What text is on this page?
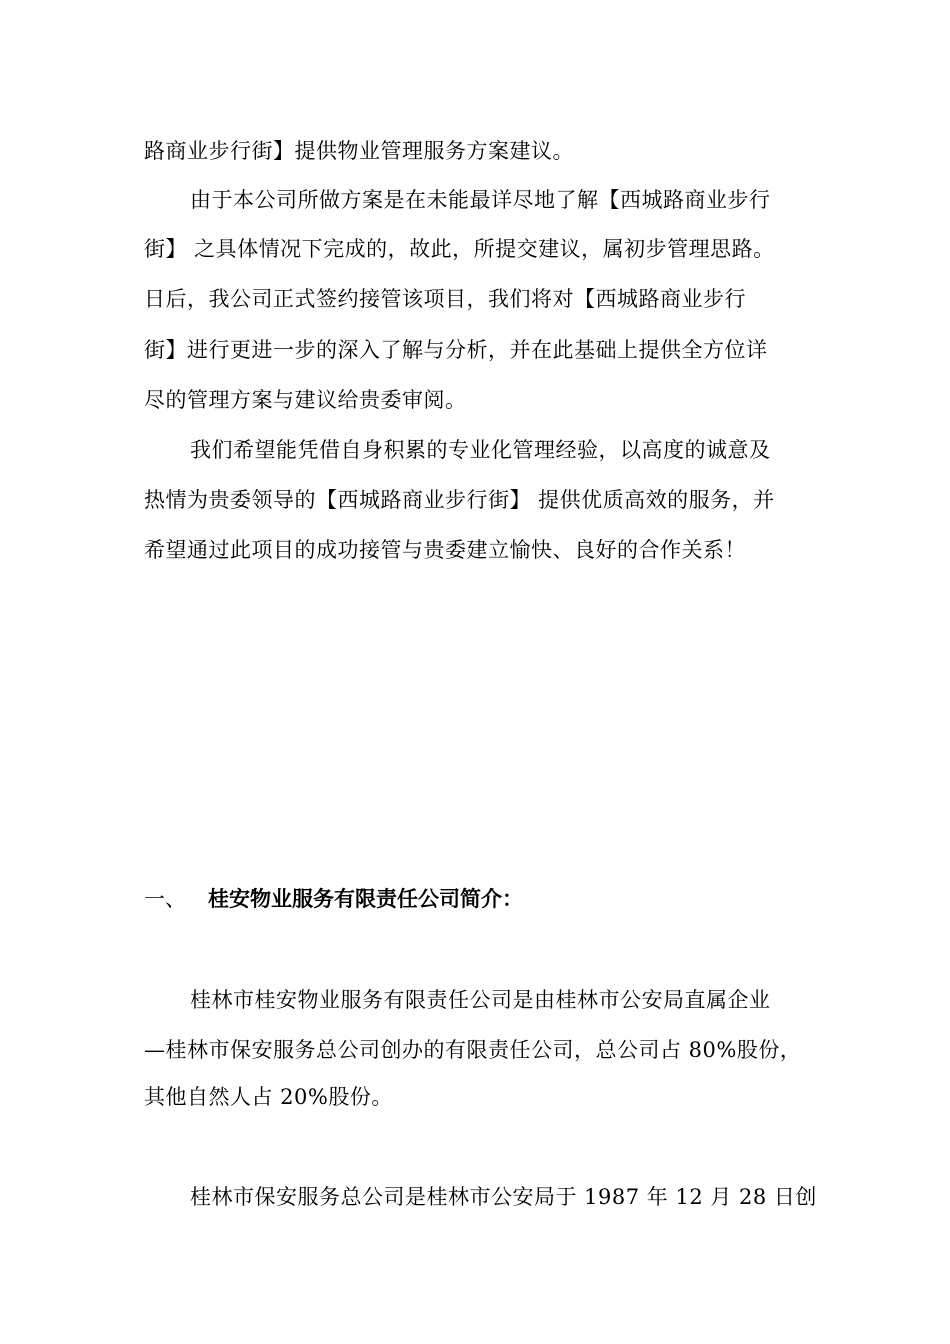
路商业步行街】提供物业管理服务方案建议。

由于本公司所做方案是在未能最详尽地了解【西城路商业步行

街】 之具体情况下完成的，故此，所提交建议，属初步管理思路。

日后，我公司正式签约接管该项目，我们将对【西城路商业步行

街】进行更进一步的深入了解与分析，并在此基础上提供全方位详

尽的管理方案与建议给贵委审阅。

我们希望能凭借自身积累的专业化管理经验，以高度的诚意及

热情为贵委领导的【西城路商业步行街】 提供优质高效的服务，并

希望通过此项目的成功接管与贵委建立愉快、良好的合作关系！

一、 桂安物业服务有限责任公司简介：

桂林市桂安物业服务有限责任公司是由桂林市公安局直属企业

—桂林市保安服务总公司创办的有限责任公司，总公司占 80%股份，

其他自然人占 20%股份。

桂林市保安服务总公司是桂林市公安局于 1987 年 12 月 28 日创
